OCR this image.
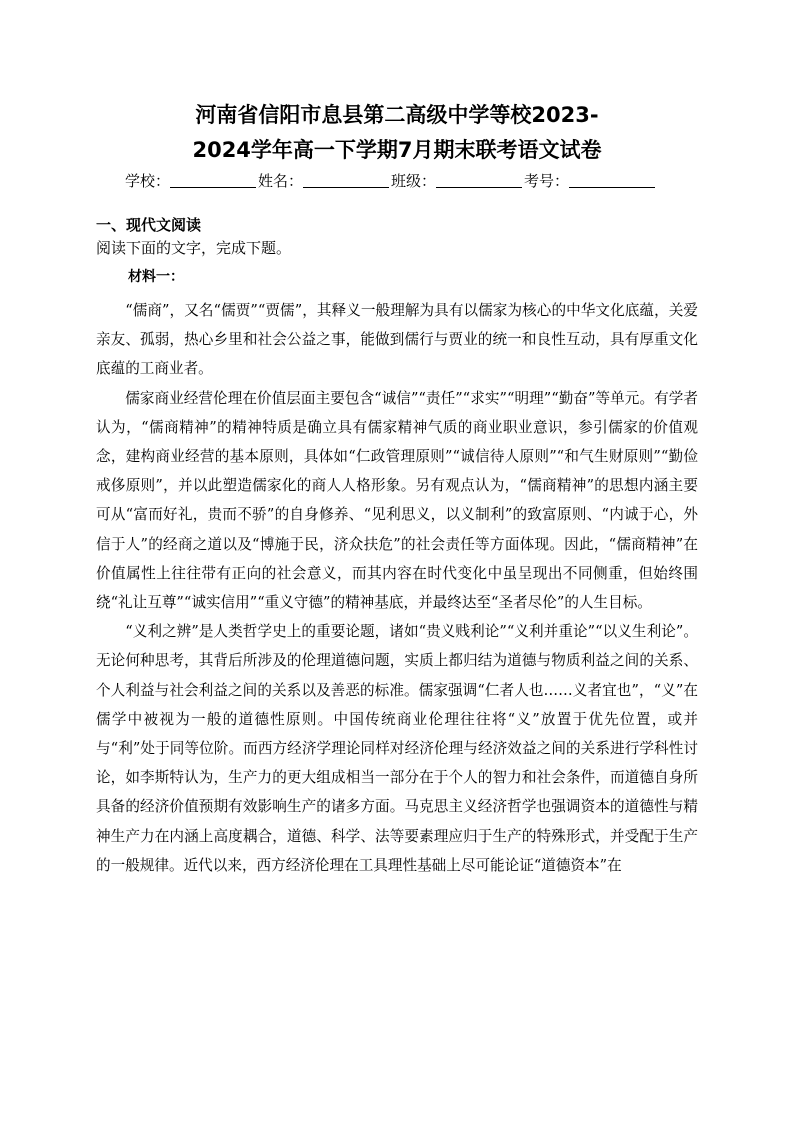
河南省信阳市息县第二高级中学等校2023-
2024学年高一下学期7月期末联考语文试卷
学校：	姓名：	班级：	考号：
一、现代文阅读
阅读下面的文字，完成下题。
材料一：

“儒商”，又名“儒贾”“贾儒”，其释义一般理解为具有以儒家为核心的中华文化底蕴，关爱亲友、孤弱，热心乡里和社会公益之事，能做到儒行与贾业的统一和良性互动，具有厚重文化底蕴的工商业者。

儒家商业经营伦理在价值层面主要包含“诚信”“责任”“求实”“明理”“勤奋”等单元。有学者认为，“儒商精神”的精神特质是确立具有儒家精神气质的商业职业意识，参引儒家的价值观念，建构商业经营的基本原则，具体如“仁政管理原则”“诚信待人原则”“和气生财原则”“勤俭戒侈原则”，并以此塑造儒家化的商人人格形象。另有观点认为，“儒商精神”的思想内涵主要可从“富而好礼，贵而不骄”的自身修养、“见利思义，以义制利”的致富原则、“内诚于心，外信于人”的经商之道以及“博施于民，济众扶危”的社会责任等方面体现。因此，“儒商精神”在价值属性上往往带有正向的社会意义，而其内容在时代变化中虽呈现出不同侧重，但始终围绕“礼让互尊”“诚实信用”“重义守德”的精神基底，并最终达至“圣者尽伦”的人生目标。

“义利之辨”是人类哲学史上的重要论题，诸如“贵义贱利论”“义利并重论”“以义生利论”。无论何种思考，其背后所涉及的伦理道德问题，实质上都归结为道德与物质利益之间的关系、个人利益与社会利益之间的关系以及善恶的标准。儒家强调“仁者人也……义者宜也”，“义”在儒学中被视为一般的道德性原则。中国传统商业伦理往往将“义”放置于优先位置，或并与“利”处于同等位阶。而西方经济学理论同样对经济伦理与经济效益之间的关系进行学科性讨论，如李斯特认为，生产力的更大组成相当一部分在于个人的智力和社会条件，而道德自身所具备的经济价值预期有效影响生产的诸多方面。马克思主义经济哲学也强调资本的道德性与精神生产力在内涵上高度耦合，道德、科学、法等要素理应归于生产的特殊形式，并受配于生产的一般规律。近代以来，西方经济伦理在工具理性基础上尽可能论证“道德资本”在
